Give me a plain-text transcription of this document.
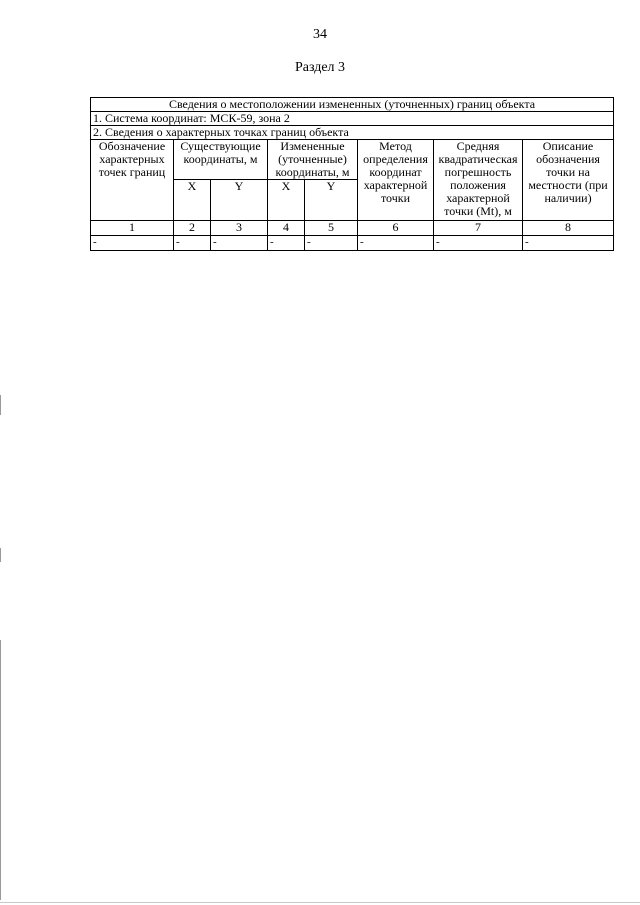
34
Раздел 3
Сведения о местоположении измененных (уточненных) границ объекта							
1. Система координат: МСК-59, зона 2							
2. Сведения о характерных точках границ объекта							
Обозначение характерных точек границ	Существующие координаты, м		Измененные (уточненные) координаты, м		Метод определения координат характерной точки	Средняя квадратическая погрешность положения характерной точки (Mt), м	Описание обозначения точки на местности (при наличии)
	X	Y	X	Y			
1	2	3	4	5	6	7	8
-	-	-	-	-	-	-	-
